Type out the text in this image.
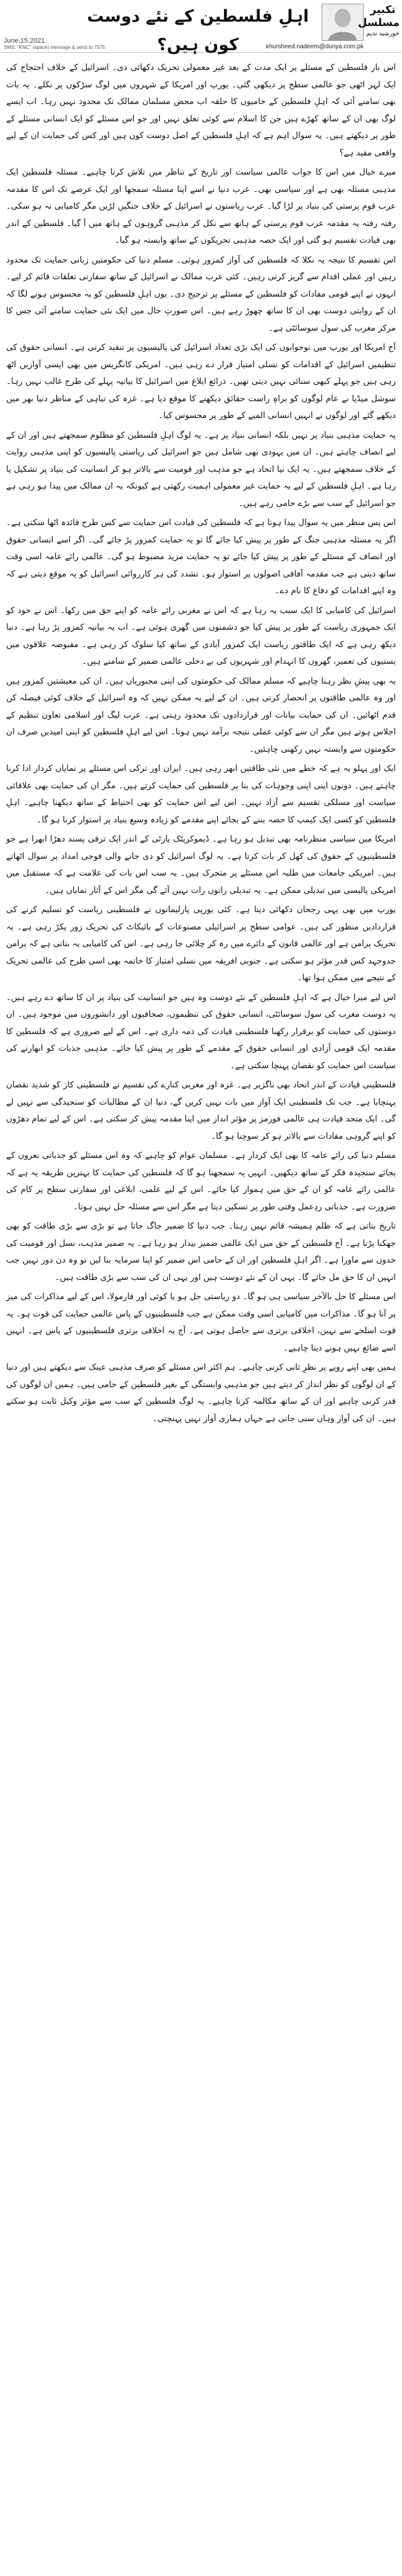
اہلِ فلسطین کے نئے دوست کون ہیں؟
تکبیر
مسلسل
خورشید ندیم
June,15,2021
SMS: "KNC" (space) message & send to 7575	khursheed.nadeem@dunya.com.pk

اس بار فلسطین کے مسئلے پر ایک مدت کے بعد غیر معمولی تحریک دکھائی دی۔ اسرائیل کے خلاف احتجاج کی ایک لہر اٹھی جو عالمی سطح پر دیکھی گئی۔ یورپ اور امریکا کے شہروں میں لوگ سڑکوں پر نکلے۔ یہ بات بھی سامنے آئی کہ اہلِ فلسطین کے حامیوں کا حلقہ اب محض مسلمان ممالک تک محدود نہیں رہا۔ اب ایسے لوگ بھی ان کے ساتھ کھڑے ہیں جن کا اسلام سے کوئی تعلق نہیں اور جو اس مسئلے کو ایک انسانی مسئلے کے طور پر دیکھتے ہیں۔ یہ سوال اہم ہے کہ اہلِ فلسطین کے اصل دوست کون ہیں اور کس کی حمایت ان کے لیے واقعی مفید ہے؟

میرے خیال میں اس کا جواب عالمی سیاست اور تاریخ کے تناظر میں تلاش کرنا چاہیے۔ مسئلہ فلسطین ایک مذہبی مسئلہ بھی ہے اور سیاسی بھی۔ عرب دنیا نے اسے اپنا مسئلہ سمجھا اور ایک عرصے تک اس کا مقدمہ عرب قوم پرستی کی بنیاد پر لڑا گیا۔ عرب ریاستوں نے اسرائیل کے خلاف جنگیں لڑیں مگر کامیابی نہ ہو سکی۔ رفتہ رفتہ یہ مقدمہ عرب قوم پرستی کے ہاتھ سے نکل کر مذہبی گروہوں کے ہاتھ میں آ گیا۔ فلسطین کے اندر بھی قیادت تقسیم ہو گئی اور ایک حصہ مذہبی تحریکوں کے ساتھ وابستہ ہو گیا۔

اس تقسیم کا نتیجہ یہ نکلا کہ فلسطین کی آواز کمزور ہوئی۔ مسلم دنیا کی حکومتیں زبانی حمایت تک محدود رہیں اور عملی اقدام سے گریز کرتی رہیں۔ کئی عرب ممالک نے اسرائیل کے ساتھ سفارتی تعلقات قائم کر لیے۔ انہوں نے اپنے قومی مفادات کو فلسطین کے مسئلے پر ترجیح دی۔ یوں اہلِ فلسطین کو یہ محسوس ہونے لگا کہ ان کے روایتی دوست بھی ان کا ساتھ چھوڑ رہے ہیں۔ اس صورتِ حال میں ایک نئی حمایت سامنے آئی جس کا مرکز مغرب کی سول سوسائٹی ہے۔

آج امریکا اور یورپ میں نوجوانوں کی ایک بڑی تعداد اسرائیل کی پالیسیوں پر تنقید کرتی ہے۔ انسانی حقوق کی تنظیمیں اسرائیل کے اقدامات کو نسلی امتیاز قرار دے رہی ہیں۔ امریکی کانگریس میں بھی ایسی آوازیں اٹھ رہی ہیں جو پہلے کبھی سنائی نہیں دیتی تھیں۔ ذرائع ابلاغ میں اسرائیل کا بیانیہ پہلے کی طرح غالب نہیں رہا۔ سوشل میڈیا نے عام لوگوں کو براہِ راست حقائق دیکھنے کا موقع دیا ہے۔ غزہ کی تباہی کے مناظر دنیا بھر میں دیکھے گئے اور لوگوں نے انہیں انسانی المیے کے طور پر محسوس کیا۔

یہ حمایت مذہبی بنیاد پر نہیں بلکہ انسانی بنیاد پر ہے۔ یہ لوگ اہلِ فلسطین کو مظلوم سمجھتے ہیں اور ان کے لیے انصاف چاہتے ہیں۔ ان میں یہودی بھی شامل ہیں جو اسرائیل کی ریاستی پالیسیوں کو اپنی مذہبی روایت کے خلاف سمجھتے ہیں۔ یہ ایک نیا اتحاد ہے جو مذہب اور قومیت سے بالاتر ہو کر انسانیت کی بنیاد پر تشکیل پا رہا ہے۔ اہلِ فلسطین کے لیے یہ حمایت غیر معمولی اہمیت رکھتی ہے کیونکہ یہ ان ممالک میں پیدا ہو رہی ہے جو اسرائیل کے سب سے بڑے حامی رہے ہیں۔

اس پس منظر میں یہ سوال پیدا ہوتا ہے کہ فلسطین کی قیادت اس حمایت سے کس طرح فائدہ اٹھا سکتی ہے۔ اگر یہ مسئلہ مذہبی جنگ کے طور پر پیش کیا جائے گا تو یہ حمایت کمزور پڑ جائے گی۔ اگر اسے انسانی حقوق اور انصاف کے مسئلے کے طور پر پیش کیا جائے تو یہ حمایت مزید مضبوط ہو گی۔ عالمی رائے عامہ اسی وقت ساتھ دیتی ہے جب مقدمہ آفاقی اصولوں پر استوار ہو۔ تشدد کی ہر کارروائی اسرائیل کو یہ موقع دیتی ہے کہ وہ اپنے اقدامات کو دفاع کا نام دے۔

اسرائیل کی کامیابی کا ایک سبب یہ رہا ہے کہ اس نے مغربی رائے عامہ کو اپنے حق میں رکھا۔ اس نے خود کو ایک جمہوری ریاست کے طور پر پیش کیا جو دشمنوں میں گھری ہوئی ہے۔ اب یہ بیانیہ کمزور پڑ رہا ہے۔ دنیا دیکھ رہی ہے کہ ایک طاقتور ریاست ایک کمزور آبادی کے ساتھ کیا سلوک کر رہی ہے۔ مقبوضہ علاقوں میں بستیوں کی تعمیر، گھروں کا انہدام اور شہریوں کی بے دخلی عالمی ضمیر کے سامنے ہیں۔

یہ بھی پیشِ نظر رہنا چاہیے کہ مسلم ممالک کی حکومتوں کی اپنی مجبوریاں ہیں۔ ان کی معیشتیں کمزور ہیں اور وہ عالمی طاقتوں پر انحصار کرتی ہیں۔ ان کے لیے یہ ممکن نہیں کہ وہ اسرائیل کے خلاف کوئی فیصلہ کن قدم اٹھائیں۔ ان کی حمایت بیانات اور قراردادوں تک محدود رہتی ہے۔ عرب لیگ اور اسلامی تعاون تنظیم کے اجلاس ہوتے ہیں مگر ان سے کوئی عملی نتیجہ برآمد نہیں ہوتا۔ اس لیے اہلِ فلسطین کو اپنی امیدیں صرف ان حکومتوں سے وابستہ نہیں رکھنی چاہئیں۔

ایک اور پہلو یہ ہے کہ خطے میں نئی طاقتیں ابھر رہی ہیں۔ ایران اور ترکی اس مسئلے پر نمایاں کردار ادا کرنا چاہتے ہیں۔ دونوں اپنی اپنی وجوہات کی بنا پر فلسطین کی حمایت کرتے ہیں۔ مگر ان کی حمایت بھی علاقائی سیاست اور مسلکی تقسیم سے آزاد نہیں۔ اس لیے اس حمایت کو بھی احتیاط کے ساتھ دیکھنا چاہیے۔ اہلِ فلسطین کو کسی ایک کیمپ کا حصہ بننے کے بجائے اپنے مقدمے کو زیادہ وسیع بنیاد پر استوار کرنا ہو گا۔

امریکا میں سیاسی منظرنامہ بھی تبدیل ہو رہا ہے۔ ڈیموکریٹک پارٹی کے اندر ایک ترقی پسند دھڑا ابھرا ہے جو فلسطینیوں کے حقوق کی کھل کر بات کرتا ہے۔ یہ لوگ اسرائیل کو دی جانے والی فوجی امداد پر سوال اٹھاتے ہیں۔ امریکی جامعات میں طلبہ اس مسئلے پر متحرک ہیں۔ یہ سب اس بات کی علامت ہے کہ مستقبل میں امریکی پالیسی میں تبدیلی ممکن ہے۔ یہ تبدیلی راتوں رات نہیں آئے گی مگر اس کے آثار نمایاں ہیں۔

یورپ میں بھی یہی رجحان دکھائی دیتا ہے۔ کئی یورپی پارلیمانوں نے فلسطینی ریاست کو تسلیم کرنے کی قراردادیں منظور کی ہیں۔ عوامی سطح پر اسرائیلی مصنوعات کے بائیکاٹ کی تحریک زور پکڑ رہی ہے۔ یہ تحریک پرامن ہے اور عالمی قانون کے دائرے میں رہ کر چلائی جا رہی ہے۔ اس کی کامیابی یہ بتاتی ہے کہ پرامن جدوجہد کس قدر مؤثر ہو سکتی ہے۔ جنوبی افریقہ میں نسلی امتیاز کا خاتمہ بھی اسی طرح کی عالمی تحریک کے نتیجے میں ممکن ہوا تھا۔

اس لیے میرا خیال ہے کہ اہلِ فلسطین کے نئے دوست وہ ہیں جو انسانیت کی بنیاد پر ان کا ساتھ دے رہے ہیں۔ یہ دوست مغرب کی سول سوسائٹی، انسانی حقوق کی تنظیموں، صحافیوں اور دانشوروں میں موجود ہیں۔ ان دوستوں کی حمایت کو برقرار رکھنا فلسطینی قیادت کی ذمہ داری ہے۔ اس کے لیے ضروری ہے کہ فلسطین کا مقدمہ ایک قومی آزادی اور انسانی حقوق کے مقدمے کے طور پر پیش کیا جائے۔ مذہبی جذبات کو ابھارنے کی سیاست اس حمایت کو نقصان پہنچا سکتی ہے۔

فلسطینی قیادت کے اندر اتحاد بھی ناگزیر ہے۔ غزہ اور مغربی کنارے کی تقسیم نے فلسطینی کاز کو شدید نقصان پہنچایا ہے۔ جب تک فلسطینی ایک آواز میں بات نہیں کریں گے، دنیا ان کے مطالبات کو سنجیدگی سے نہیں لے گی۔ ایک متحد قیادت ہی عالمی فورمز پر مؤثر انداز میں اپنا مقدمہ پیش کر سکتی ہے۔ اس کے لیے تمام دھڑوں کو اپنے گروہی مفادات سے بالاتر ہو کر سوچنا ہو گا۔

مسلم دنیا کی رائے عامہ کا بھی ایک کردار ہے۔ مسلمان عوام کو چاہیے کہ وہ اس مسئلے کو جذباتی نعروں کے بجائے سنجیدہ فکر کے ساتھ دیکھیں۔ انہیں یہ سمجھنا ہو گا کہ فلسطین کی حمایت کا بہترین طریقہ یہ ہے کہ عالمی رائے عامہ کو ان کے حق میں ہموار کیا جائے۔ اس کے لیے علمی، ابلاغی اور سفارتی سطح پر کام کی ضرورت ہے۔ جذباتی ردِعمل وقتی طور پر تسکین دیتا ہے مگر اس سے مسئلہ حل نہیں ہوتا۔

تاریخ بتاتی ہے کہ ظلم ہمیشہ قائم نہیں رہتا۔ جب دنیا کا ضمیر جاگ جاتا ہے تو بڑی سے بڑی طاقت کو بھی جھکنا پڑتا ہے۔ آج فلسطین کے حق میں ایک عالمی ضمیر بیدار ہو رہا ہے۔ یہ ضمیر مذہب، نسل اور قومیت کی حدوں سے ماورا ہے۔ اگر اہلِ فلسطین اور ان کے حامی اس ضمیر کو اپنا سرمایہ بنا لیں تو وہ دن دور نہیں جب انہیں ان کا حق مل جائے گا۔ یہی ان کے نئے دوست ہیں اور یہی ان کی سب سے بڑی طاقت ہیں۔

اس مسئلے کا حل بالآخر سیاسی ہی ہو گا۔ دو ریاستی حل ہو یا کوئی اور فارمولا، اس کے لیے مذاکرات کی میز پر آنا ہو گا۔ مذاکرات میں کامیابی اسی وقت ممکن ہے جب فلسطینیوں کے پاس عالمی حمایت کی قوت ہو۔ یہ قوت اسلحے سے نہیں، اخلاقی برتری سے حاصل ہوتی ہے۔ آج یہ اخلاقی برتری فلسطینیوں کے پاس ہے۔ انہیں اسے ضائع نہیں ہونے دینا چاہیے۔

ہمیں بھی اپنے رویے پر نظرِ ثانی کرنی چاہیے۔ ہم اکثر اس مسئلے کو صرف مذہبی عینک سے دیکھتے ہیں اور دنیا کے ان لوگوں کو نظر انداز کر دیتے ہیں جو مذہبی وابستگی کے بغیر فلسطین کے حامی ہیں۔ ہمیں ان لوگوں کی قدر کرنی چاہیے اور ان کے ساتھ مکالمہ کرنا چاہیے۔ یہ لوگ فلسطین کے سب سے مؤثر وکیل ثابت ہو سکتے ہیں۔ ان کی آواز وہاں سنی جاتی ہے جہاں ہماری آواز نہیں پہنچتی۔
